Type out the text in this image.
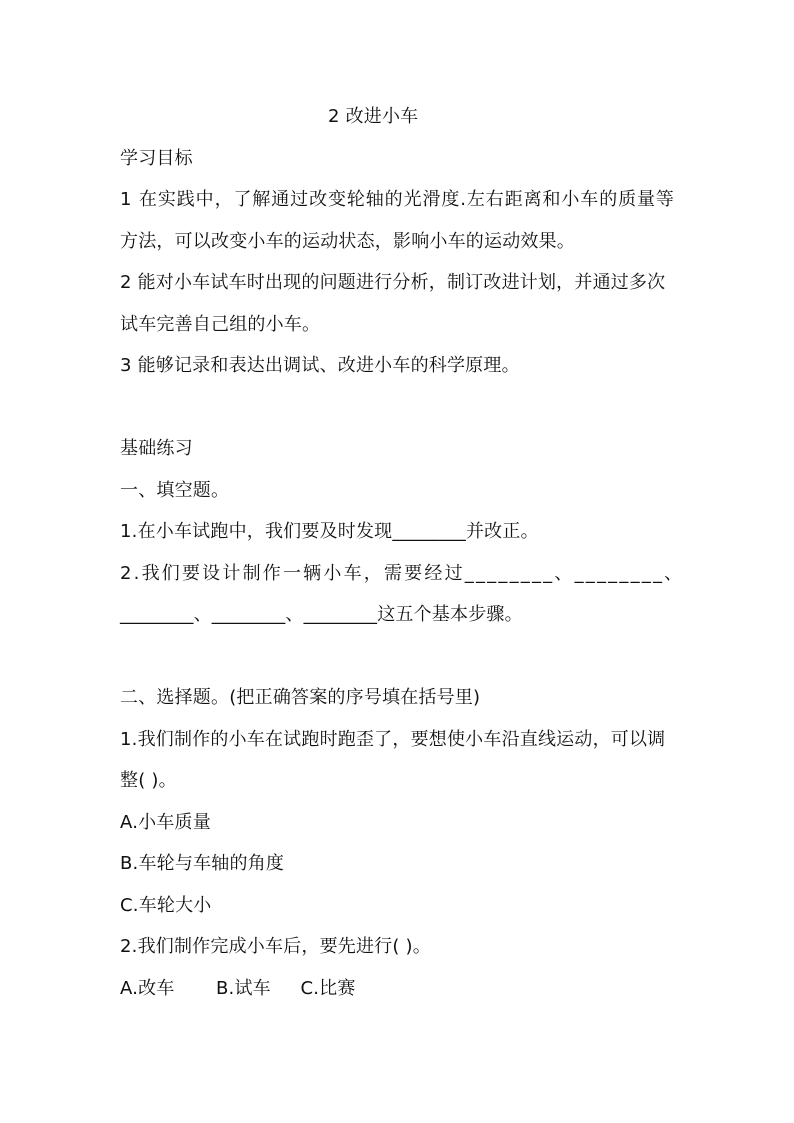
2 改进小车
学习目标
1 在实践中，了解通过改变轮轴的光滑度.左右距离和小车的质量等
方法，可以改变小车的运动状态，影响小车的运动效果。
2 能对小车试车时出现的问题进行分析，制订改进计划，并通过多次
试车完善自己组的小车。
3 能够记录和表达出调试、改进小车的科学原理。
基础练习
一、填空题。
1.在小车试跑中，我们要及时发现________并改正。
2.我们要设计制作一辆小车，需要经过________、________、
________、________、________这五个基本步骤。
二、选择题。(把正确答案的序号填在括号里)
1.我们制作的小车在试跑时跑歪了，要想使小车沿直线运动，可以调
整( )。
A.小车质量
B.车轮与车轴的角度
C.车轮大小
2.我们制作完成小车后，要先进行( )。
A.改车       B.试车     C.比赛
